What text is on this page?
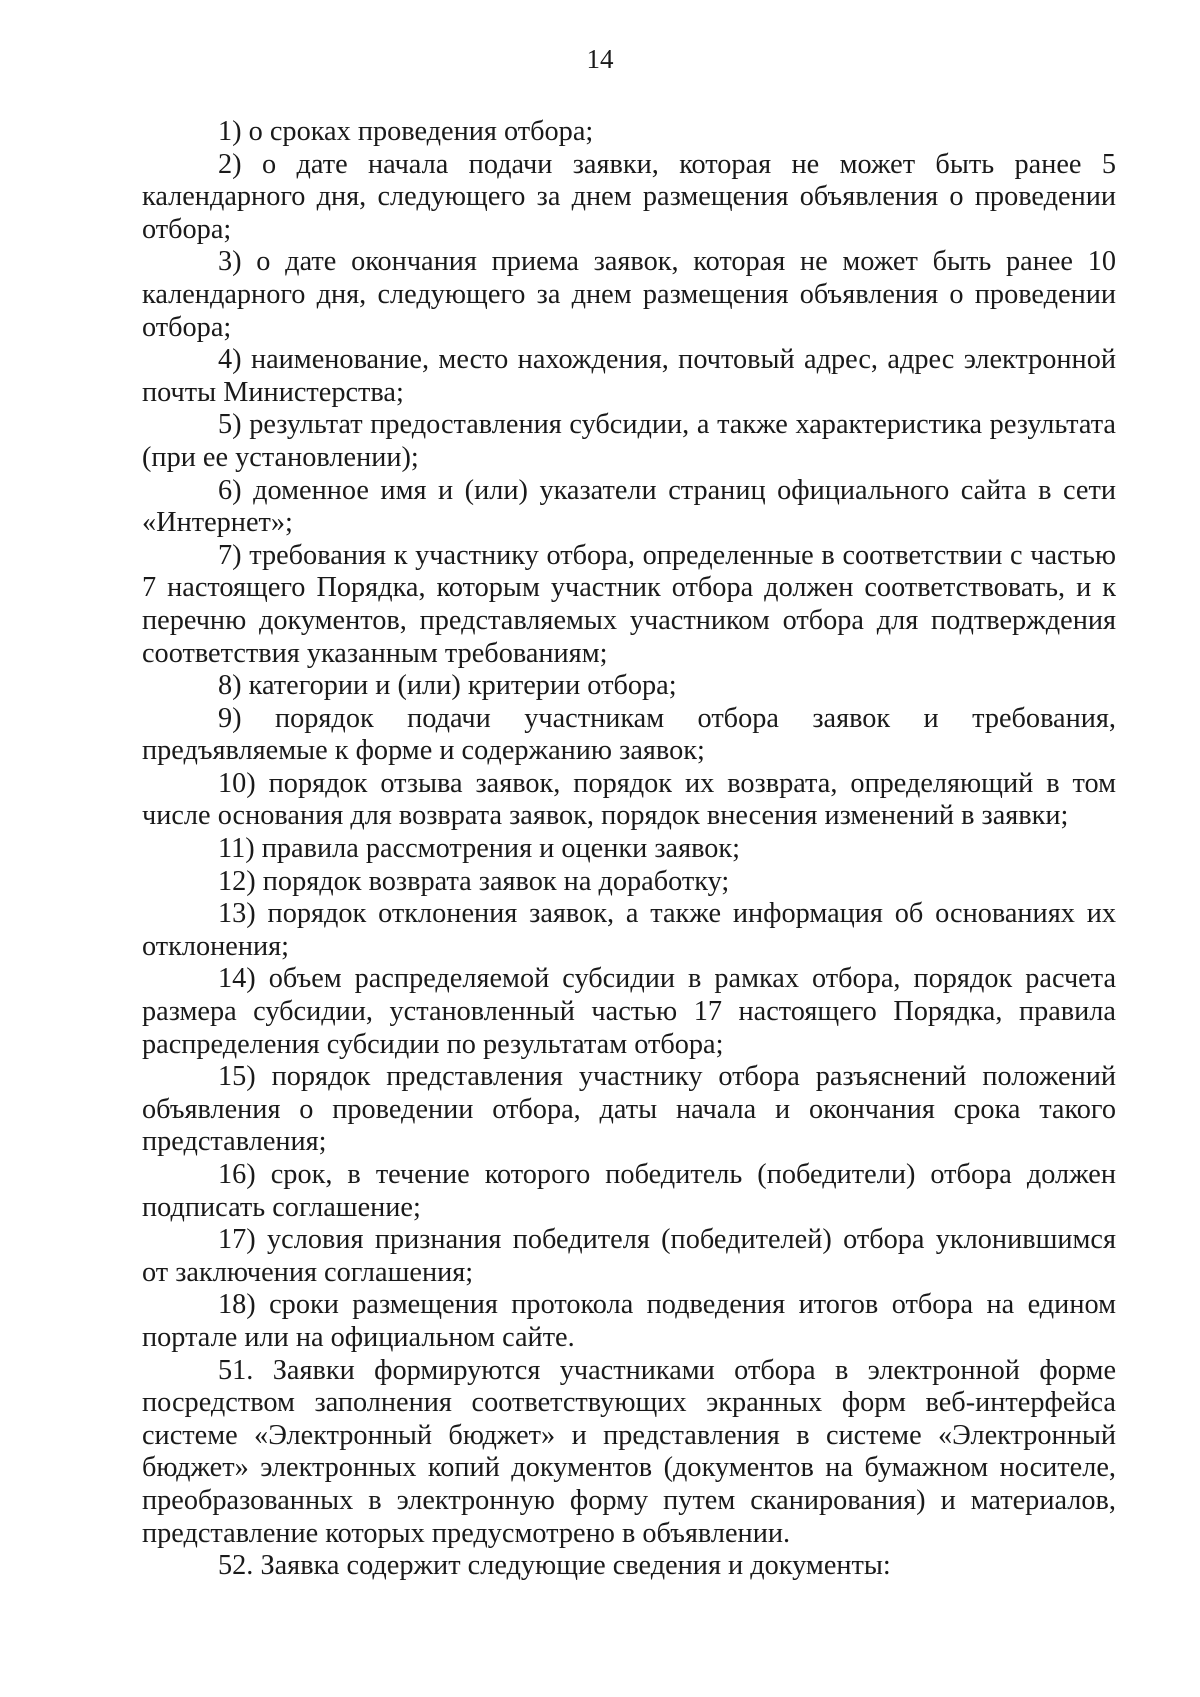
14

1) о сроках проведения отбора;

2) о дате начала подачи заявки, которая не может быть ранее 5 календарного дня, следующего за днем размещения объявления о проведении отбора;

3) о дате окончания приема заявок, которая не может быть ранее 10 календарного дня, следующего за днем размещения объявления о проведении отбора;

4) наименование, место нахождения, почтовый адрес, адрес электронной почты Министерства;

5) результат предоставления субсидии, а также характеристика результата (при ее установлении);

6) доменное имя и (или) указатели страниц официального сайта в сети «Интернет»;

7) требования к участнику отбора, определенные в соответствии с частью 7 настоящего Порядка, которым участник отбора должен соответствовать, и к перечню документов, представляемых участником отбора для подтверждения соответствия указанным требованиям;

8) категории и (или) критерии отбора;

9) порядок подачи участникам отбора заявок и требования, предъявляемые к форме и содержанию заявок;

10) порядок отзыва заявок, порядок их возврата, определяющий в том числе основания для возврата заявок, порядок внесения изменений в заявки;

11) правила рассмотрения и оценки заявок;

12) порядок возврата заявок на доработку;

13) порядок отклонения заявок, а также информация об основаниях их отклонения;

14) объем распределяемой субсидии в рамках отбора, порядок расчета размера субсидии, установленный частью 17 настоящего Порядка, правила распределения субсидии по результатам отбора;

15) порядок представления участнику отбора разъяснений положений объявления о проведении отбора, даты начала и окончания срока такого представления;

16) срок, в течение которого победитель (победители) отбора должен подписать соглашение;

17) условия признания победителя (победителей) отбора уклонившимся от заключения соглашения;

18) сроки размещения протокола подведения итогов отбора на едином портале или на официальном сайте.

51. Заявки формируются участниками отбора в электронной форме посредством заполнения соответствующих экранных форм веб-интерфейса системе «Электронный бюджет» и представления в системе «Электронный бюджет» электронных копий документов (документов на бумажном носителе, преобразованных в электронную форму путем сканирования) и материалов, представление которых предусмотрено в объявлении.

52. Заявка содержит следующие сведения и документы:
